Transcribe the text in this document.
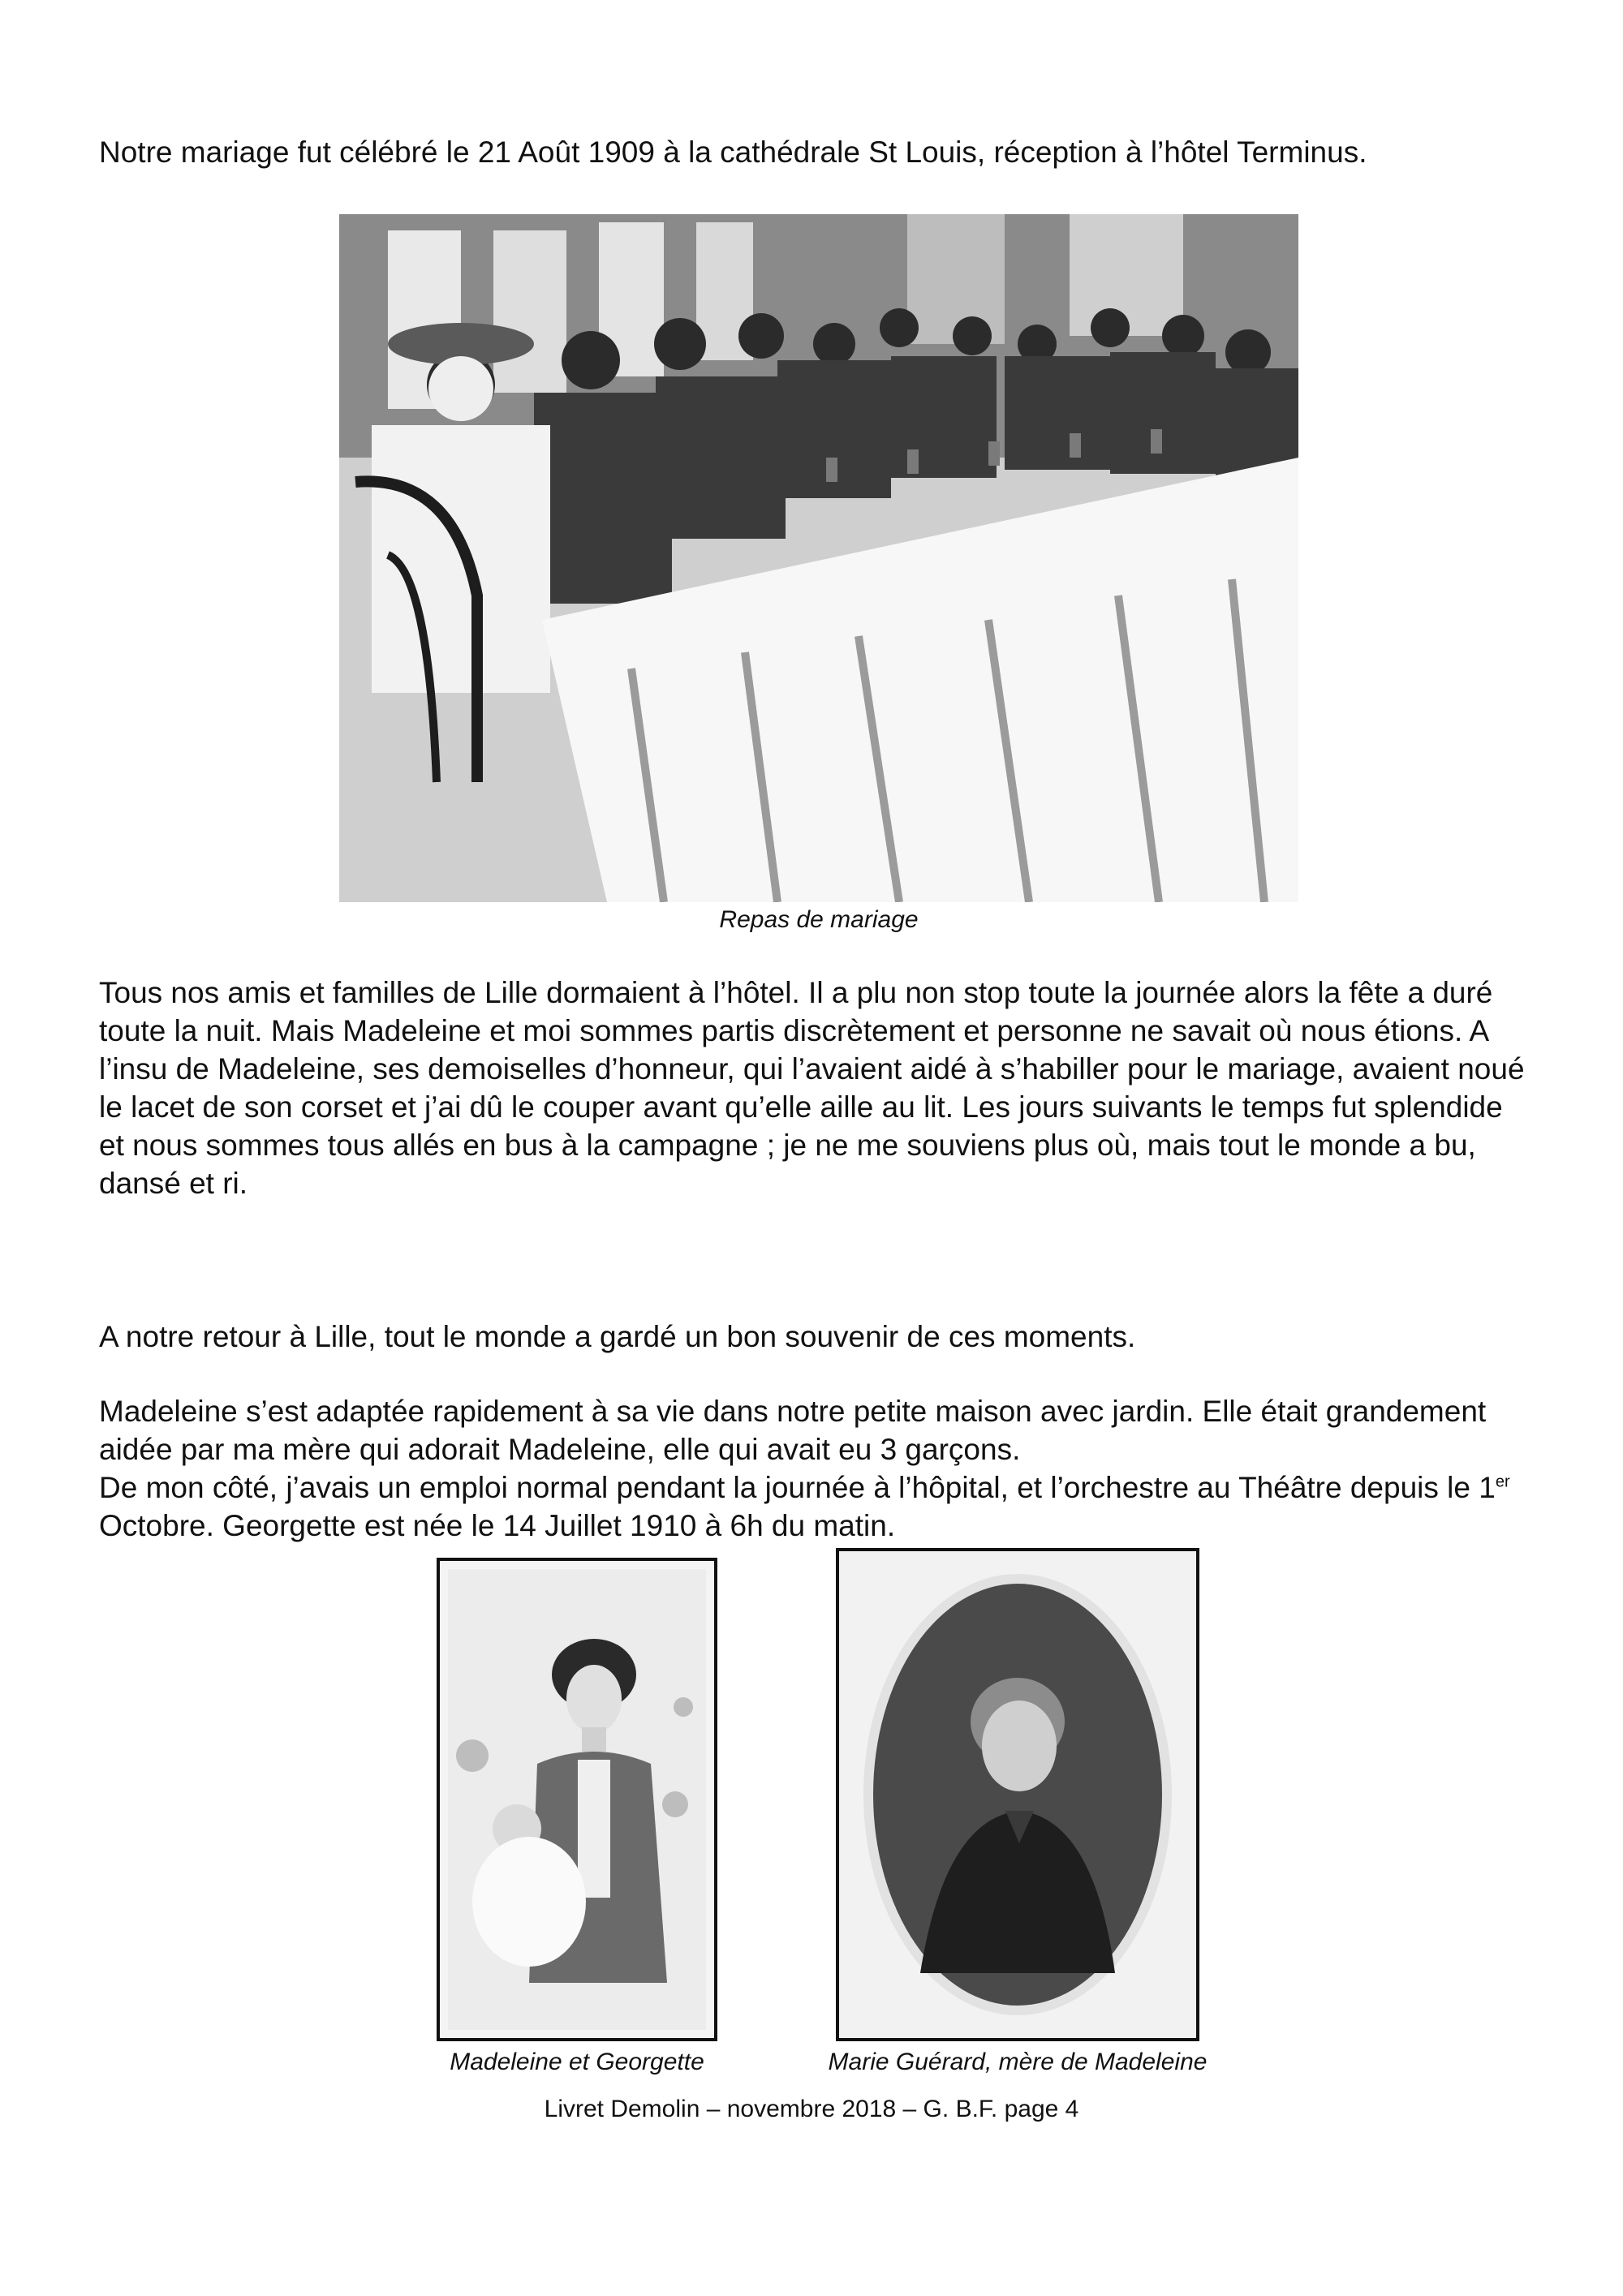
Notre mariage fut célébré le 21 Août 1909 à la cathédrale St Louis, réception à l’hôtel Terminus.

Repas de mariage

Tous nos amis et familles de Lille dormaient à l’hôtel. Il a plu non stop toute la journée alors la fête a duré toute la nuit. Mais Madeleine et moi sommes partis discrètement et personne ne savait où nous étions. A l’insu de Madeleine, ses demoiselles d’honneur, qui l’avaient aidé à s’habiller pour le mariage, avaient noué le lacet de son corset et j’ai dû le couper avant qu’elle aille au lit. Les jours suivants le temps fut splendide et nous sommes tous allés en bus à la campagne ; je ne me souviens plus où, mais tout le monde a bu, dansé et ri.

A notre retour à Lille, tout le monde a gardé un bon souvenir de ces moments.

Madeleine s’est adaptée rapidement à sa vie dans notre petite maison avec jardin. Elle était grandement aidée par ma mère qui adorait Madeleine, elle qui avait eu 3 garçons.
De mon côté, j’avais un emploi normal pendant la journée à l’hôpital, et l’orchestre au Théâtre depuis le 1er Octobre. Georgette est née le 14 Juillet 1910 à 6h du matin.

Madeleine et Georgette	Marie Guérard, mère de Madeleine

Livret Demolin – novembre 2018 – G. B.F. page 4
